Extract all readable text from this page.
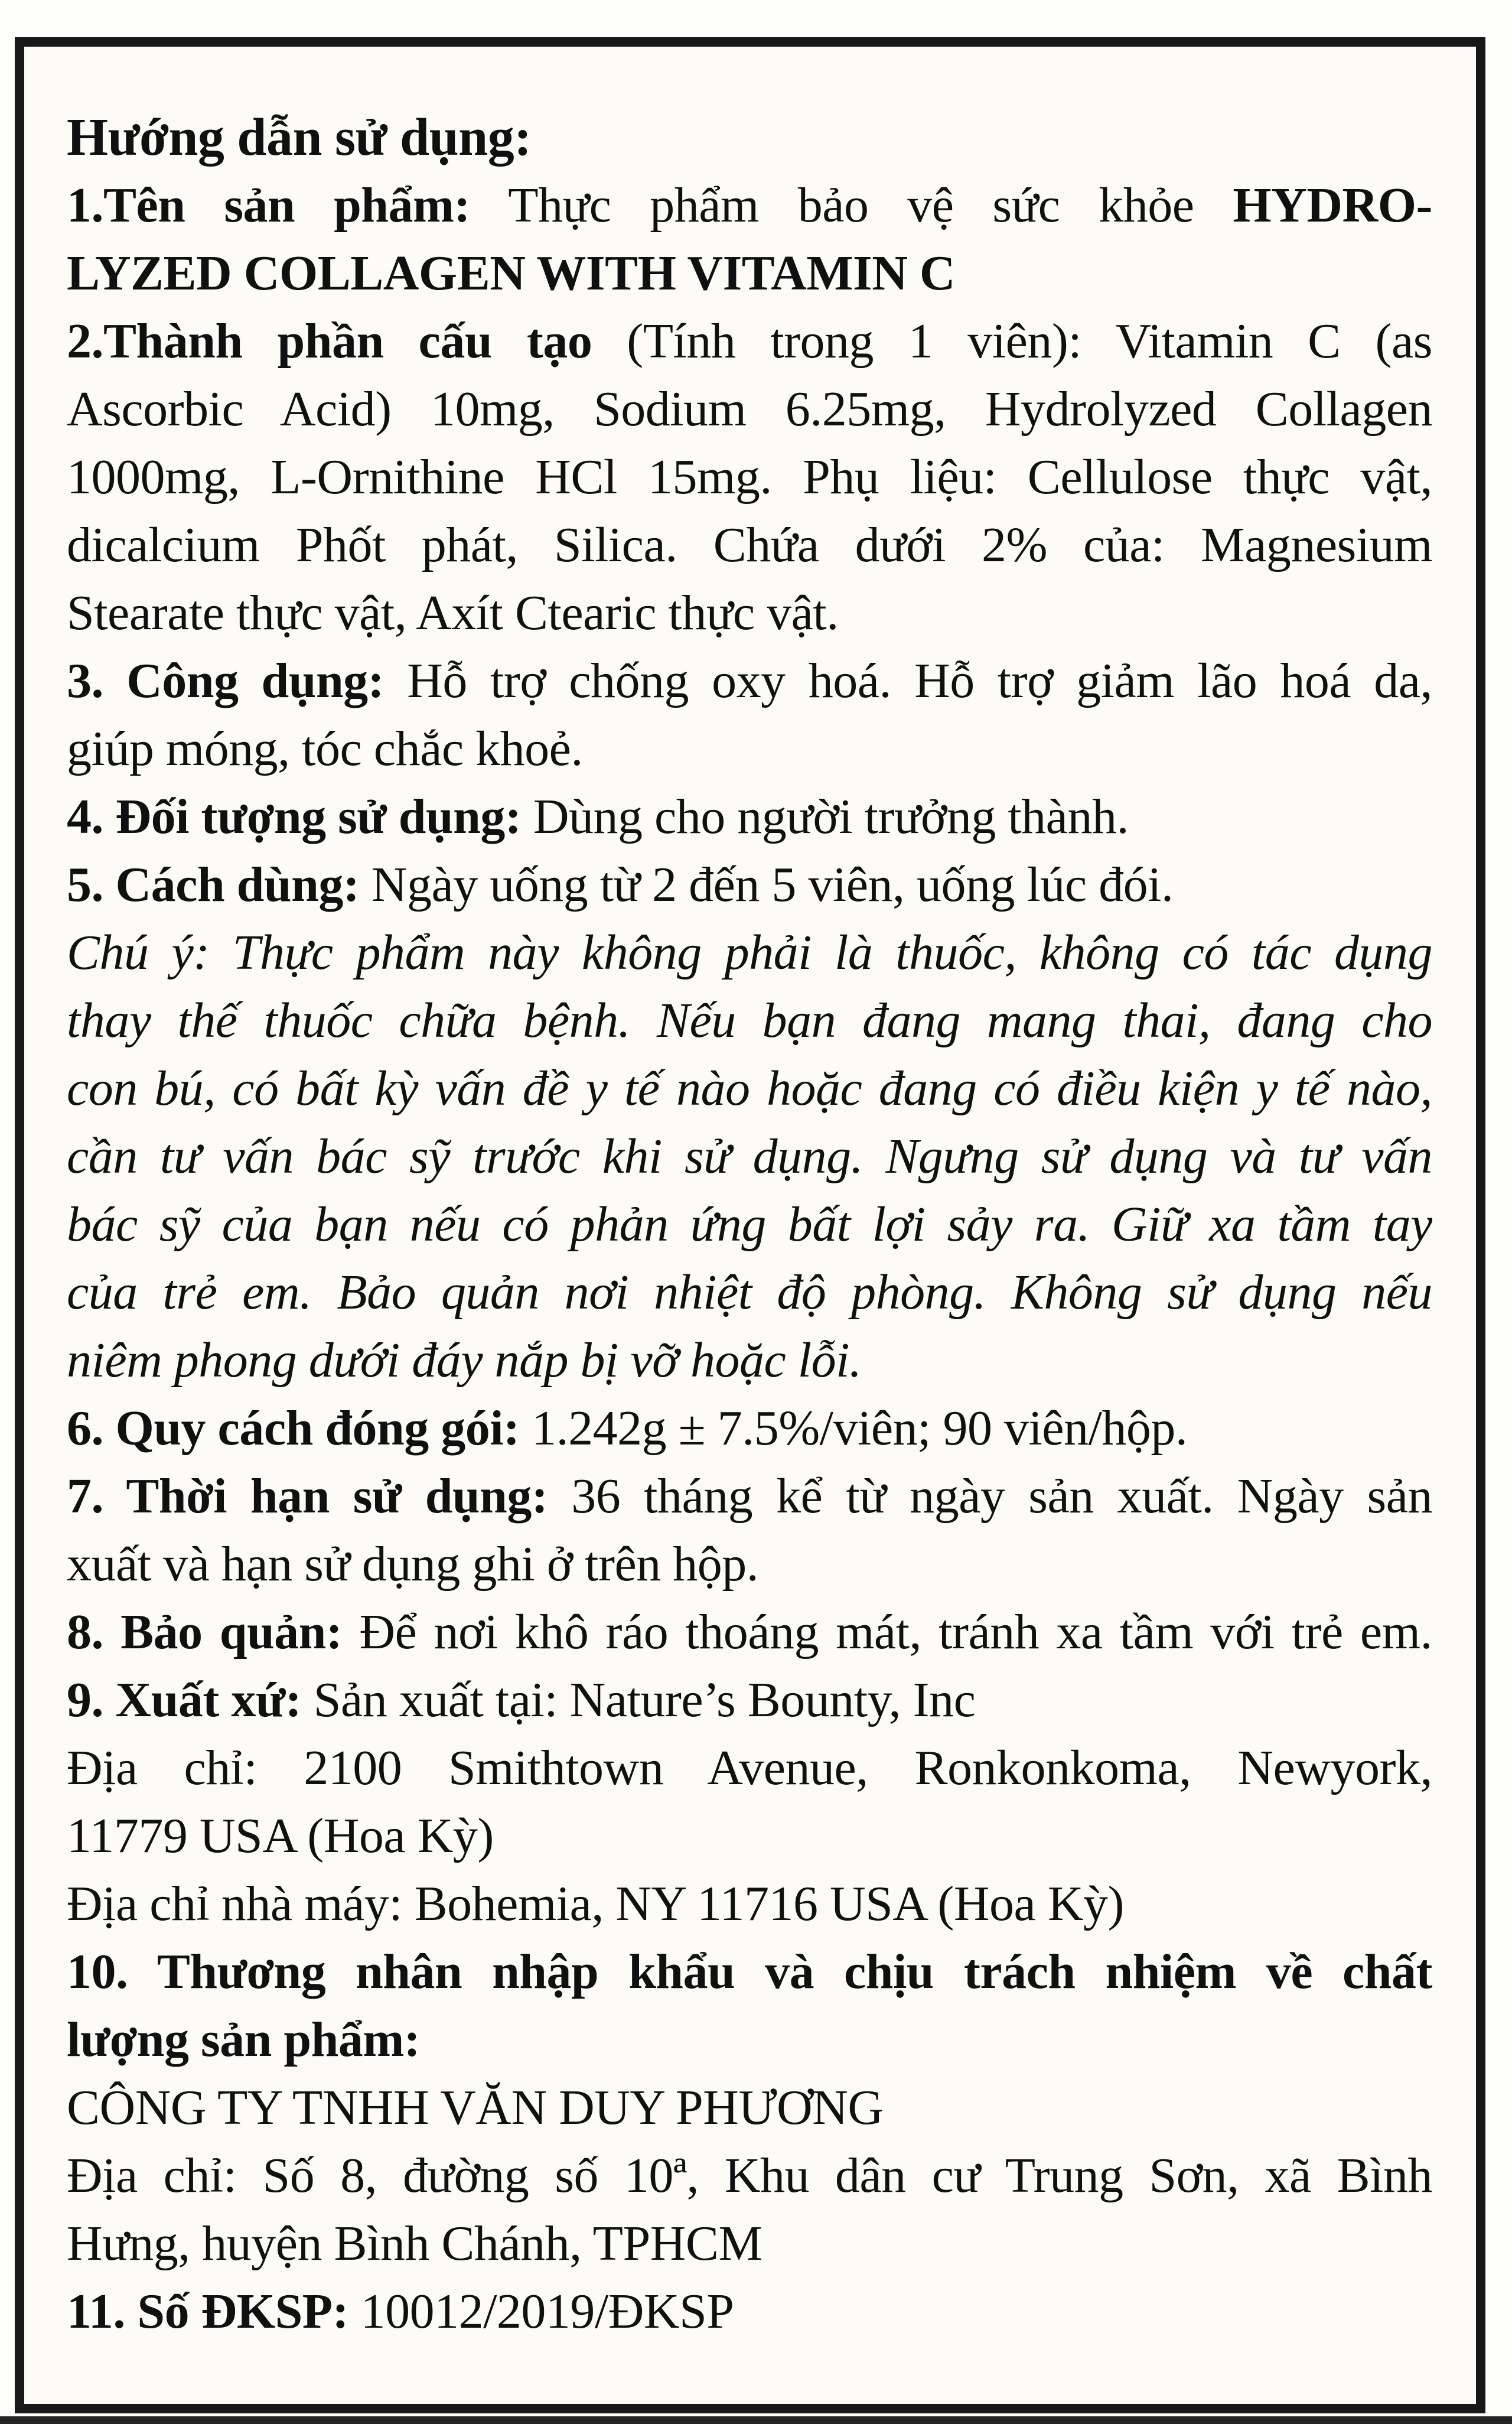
Hướng dẫn sử dụng:
1.Tên sản phẩm: Thực phẩm bảo vệ sức khỏe HYDRO-
LYZED COLLAGEN WITH VITAMIN C
2.Thành phần cấu tạo (Tính trong 1 viên): Vitamin C (as
Ascorbic Acid) 10mg, Sodium 6.25mg, Hydrolyzed Collagen
1000mg, L-Ornithine HCl 15mg. Phụ liệu: Cellulose thực vật,
dicalcium Phốt phát, Silica. Chứa dưới 2% của: Magnesium
Stearate thực vật, Axít Ctearic thực vật.
3. Công dụng: Hỗ trợ chống oxy hoá. Hỗ trợ giảm lão hoá da,
giúp móng, tóc chắc khoẻ.
4. Đối tượng sử dụng: Dùng cho người trưởng thành.
5. Cách dùng: Ngày uống từ 2 đến 5 viên, uống lúc đói.
Chú ý: Thực phẩm này không phải là thuốc, không có tác dụng
thay thế thuốc chữa bệnh. Nếu bạn đang mang thai, đang cho
con bú, có bất kỳ vấn đề y tế nào hoặc đang có điều kiện y tế nào,
cần tư vấn bác sỹ trước khi sử dụng. Ngưng sử dụng và tư vấn
bác sỹ của bạn nếu có phản ứng bất lợi sảy ra. Giữ xa tầm tay
của trẻ em. Bảo quản nơi nhiệt độ phòng. Không sử dụng nếu
niêm phong dưới đáy nắp bị vỡ hoặc lỗi.
6. Quy cách đóng gói: 1.242g ± 7.5%/viên; 90 viên/hộp.
7. Thời hạn sử dụng: 36 tháng kể từ ngày sản xuất. Ngày sản
xuất và hạn sử dụng ghi ở trên hộp.
8. Bảo quản: Để nơi khô ráo thoáng mát, tránh xa tầm với trẻ em.
9. Xuất xứ: Sản xuất tại: Nature’s Bounty, Inc
Địa chỉ: 2100 Smithtown Avenue, Ronkonkoma, Newyork,
11779 USA (Hoa Kỳ)
Địa chỉ nhà máy: Bohemia, NY 11716 USA (Hoa Kỳ)
10. Thương nhân nhập khẩu và chịu trách nhiệm về chất
lượng sản phẩm:
CÔNG TY TNHH VĂN DUY PHƯƠNG
Địa chỉ: Số 8, đường số 10ª, Khu dân cư Trung Sơn, xã Bình
Hưng, huyện Bình Chánh, TPHCM
11. Số ĐKSP: 10012/2019/ĐKSP
